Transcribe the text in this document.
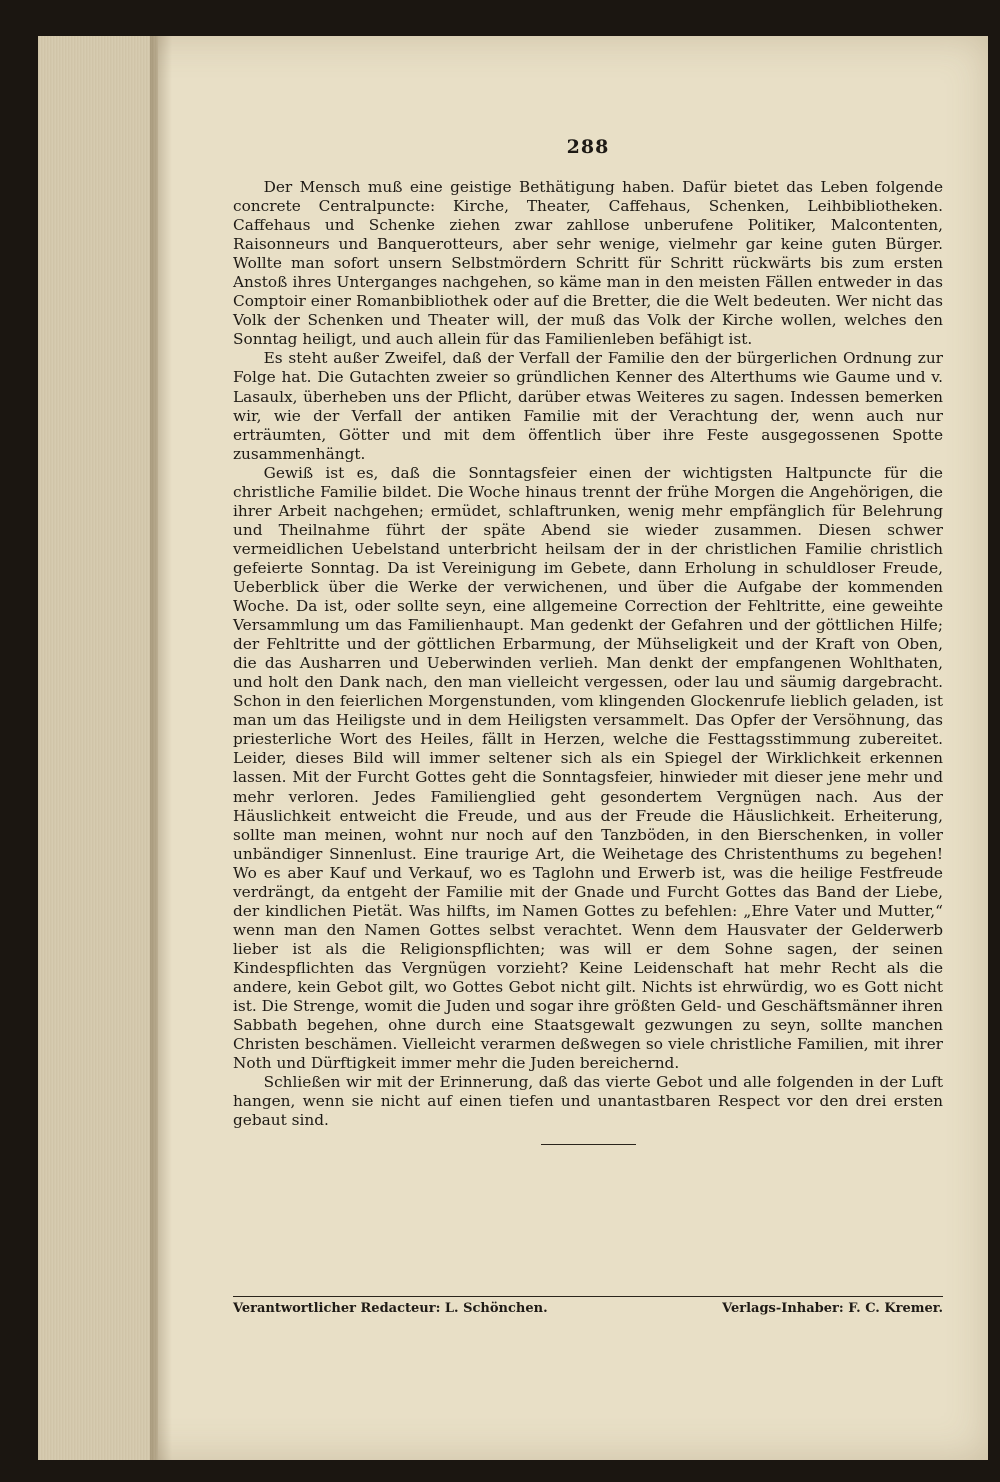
288

Der Mensch muß eine geistige Bethätigung haben. Dafür bietet das Leben folgende concrete Centralpuncte: Kirche, Theater, Caffehaus, Schenken, Leihbibliotheken. Caffehaus und Schenke ziehen zwar zahllose unberufene Politiker, Malcontenten, Raisonneurs und Banquerotteurs, aber sehr wenige, vielmehr gar keine guten Bürger. Wollte man sofort unsern Selbstmördern Schritt für Schritt rückwärts bis zum ersten Anstoß ihres Unterganges nachgehen, so käme man in den meisten Fällen entweder in das Comptoir einer Romanbibliothek oder auf die Bretter, die die Welt bedeuten. Wer nicht das Volk der Schenken und Theater will, der muß das Volk der Kirche wollen, welches den Sonntag heiligt, und auch allein für das Familienleben befähigt ist.

Es steht außer Zweifel, daß der Verfall der Familie den der bürgerlichen Ordnung zur Folge hat. Die Gutachten zweier so gründlichen Kenner des Alterthums wie Gaume und v. Lasaulx, überheben uns der Pflicht, darüber etwas Weiteres zu sagen. Indessen bemerken wir, wie der Verfall der antiken Familie mit der Verachtung der, wenn auch nur erträumten, Götter und mit dem öffentlich über ihre Feste ausgegossenen Spotte zusammenhängt.

Gewiß ist es, daß die Sonntagsfeier einen der wichtigsten Haltpuncte für die christliche Familie bildet. Die Woche hinaus trennt der frühe Morgen die Angehörigen, die ihrer Arbeit nachgehen; ermüdet, schlaftrunken, wenig mehr empfänglich für Belehrung und Theilnahme führt der späte Abend sie wieder zusammen. Diesen schwer vermeidlichen Uebelstand unterbricht heilsam der in der christlichen Familie christlich gefeierte Sonntag. Da ist Vereinigung im Gebete, dann Erholung in schuldloser Freude, Ueberblick über die Werke der verwichenen, und über die Aufgabe der kommenden Woche. Da ist, oder sollte seyn, eine allgemeine Correction der Fehltritte, eine geweihte Versammlung um das Familienhaupt. Man gedenkt der Gefahren und der göttlichen Hilfe; der Fehltritte und der göttlichen Erbarmung, der Mühseligkeit und der Kraft von Oben, die das Ausharren und Ueberwinden verlieh. Man denkt der empfangenen Wohlthaten, und holt den Dank nach, den man vielleicht vergessen, oder lau und säumig dargebracht. Schon in den feierlichen Morgenstunden, vom klingenden Glockenrufe lieblich geladen, ist man um das Heiligste und in dem Heiligsten versammelt. Das Opfer der Versöhnung, das priesterliche Wort des Heiles, fällt in Herzen, welche die Festtagsstimmung zubereitet. Leider, dieses Bild will immer seltener sich als ein Spiegel der Wirklichkeit erkennen lassen. Mit der Furcht Gottes geht die Sonntagsfeier, hinwieder mit dieser jene mehr und mehr verloren. Jedes Familienglied geht gesondertem Vergnügen nach. Aus der Häuslichkeit entweicht die Freude, und aus der Freude die Häuslichkeit. Erheiterung, sollte man meinen, wohnt nur noch auf den Tanzböden, in den Bierschenken, in voller unbändiger Sinnenlust. Eine traurige Art, die Weihetage des Christenthums zu begehen! Wo es aber Kauf und Verkauf, wo es Taglohn und Erwerb ist, was die heilige Festfreude verdrängt, da entgeht der Familie mit der Gnade und Furcht Gottes das Band der Liebe, der kindlichen Pietät. Was hilfts, im Namen Gottes zu befehlen: „Ehre Vater und Mutter,“ wenn man den Namen Gottes selbst verachtet. Wenn dem Hausvater der Gelderwerb lieber ist als die Religionspflichten; was will er dem Sohne sagen, der seinen Kindespflichten das Vergnügen vorzieht? Keine Leidenschaft hat mehr Recht als die andere, kein Gebot gilt, wo Gottes Gebot nicht gilt. Nichts ist ehrwürdig, wo es Gott nicht ist. Die Strenge, womit die Juden und sogar ihre größten Geld- und Geschäftsmänner ihren Sabbath begehen, ohne durch eine Staatsgewalt gezwungen zu seyn, sollte manchen Christen beschämen. Vielleicht verarmen deßwegen so viele christliche Familien, mit ihrer Noth und Dürftigkeit immer mehr die Juden bereichernd.

Schließen wir mit der Erinnerung, daß das vierte Gebot und alle folgenden in der Luft hangen, wenn sie nicht auf einen tiefen und unantastbaren Respect vor den drei ersten gebaut sind.

Verantwortlicher Redacteur: L. Schönchen.	Verlags-Inhaber: F. C. Kremer.
